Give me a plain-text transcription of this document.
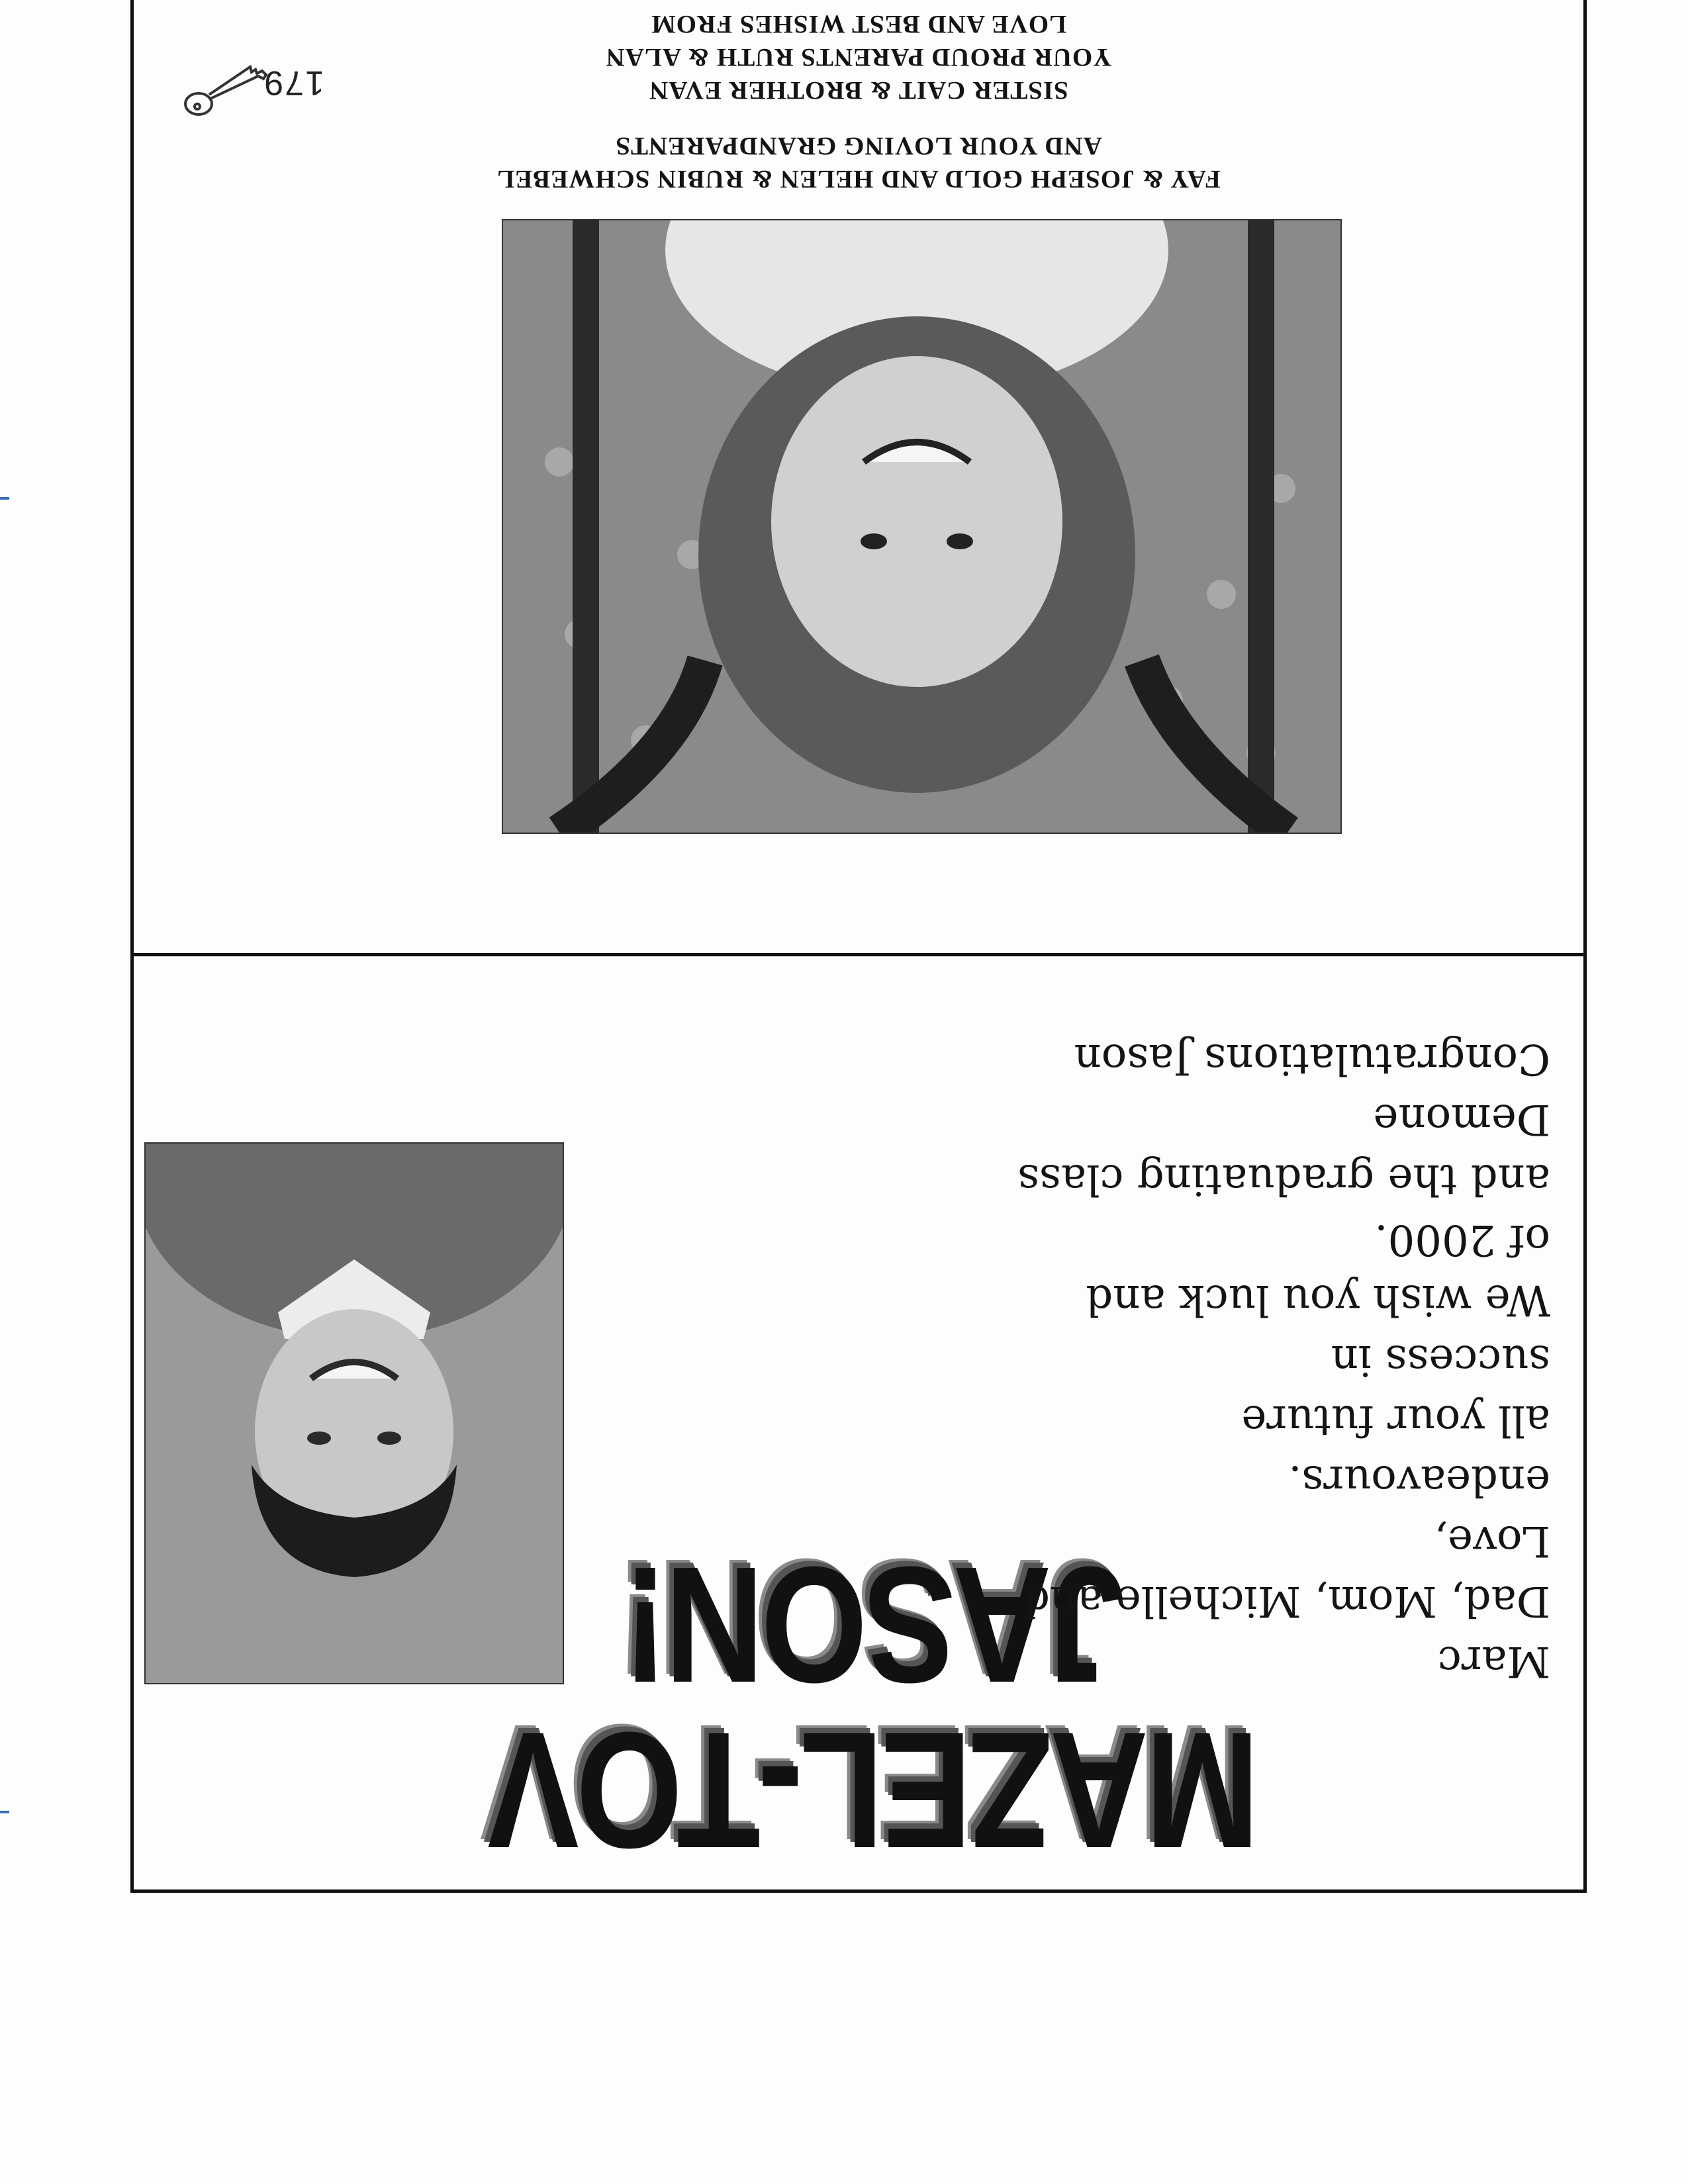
179
MAZEL-TOV JASON!	Marc
Dad, Mom, Michelle and
Love,
endeavours.
all your future
success in
We wish you luck and
of 2000.
and the graduating class
Demone
Congratulations Jason
FAY & JOSEPH GOLD AND HELEN & RUBIN SCHWEBEL
AND YOUR LOVING GRANDPARENTS
SISTER CAIT & BROTHER EVAN
YOUR PROUD PARENTS RUTH & ALAN
LOVE AND BEST WISHES FROM
